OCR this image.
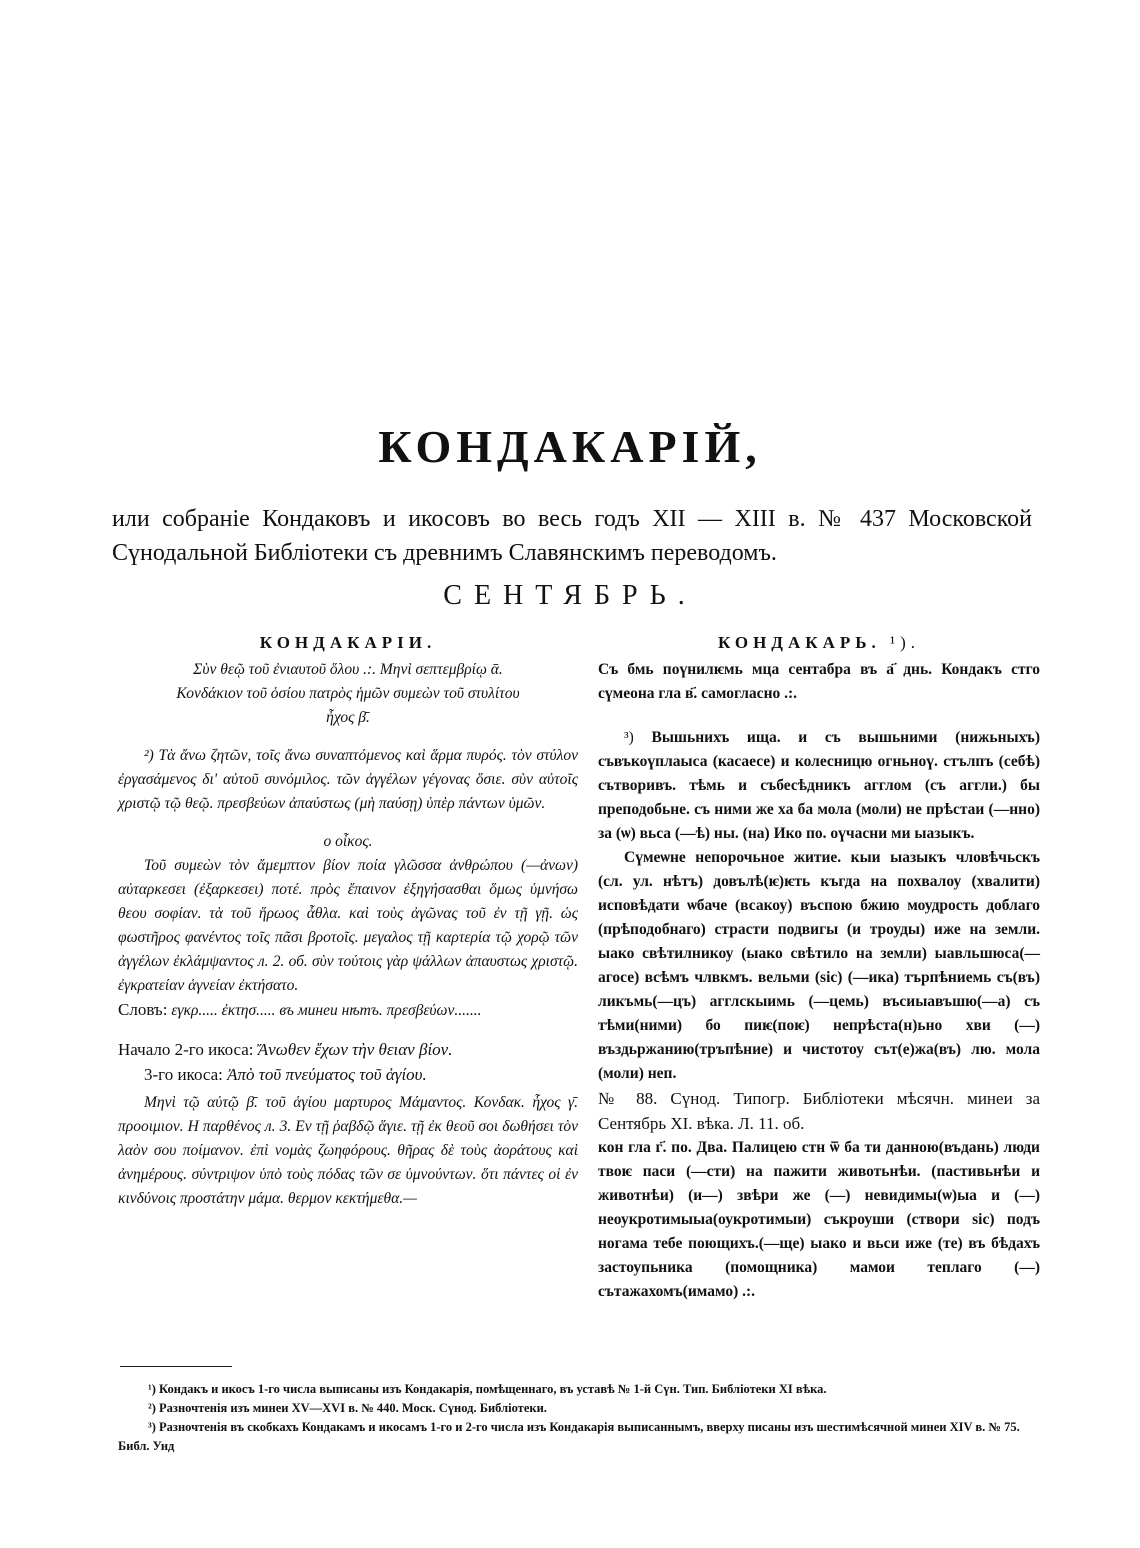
КОНДАКАРІЙ,
или собраніе Кондаковъ и икосовъ во весь годъ XII — XIII в. № 437 Московской Сүнодальной Библіотеки съ древнимъ Славянскимъ переводомъ.
СЕНТЯБРЬ.
КОНДАКАРІИ.

Σὺν θεῷ τοῦ ἐνιαυτοῦ ὅλου .:. Μηνὶ σεπτεμβρίῳ ᾱ.

Κονδάκιον τοῦ ὁσίου πατρὸς ἡμῶν συμεὼν τοῦ στυλίτου

ἦχος β̄.

²) Τὰ ἄνω ζητῶν, τοῖς ἄνω συναπτόμενος καὶ ἅρμα πυρός. τὸν στύλον ἐργασάμενος δι' αὐτοῦ συνόμιλος. τῶν ἀγγέλων γέγονας ὅσιε. σὺν αὐτοῖς χριστῷ τῷ θεῷ. πρεσβεύων ἀπαύστως (μὴ παύσῃ) ὑπὲρ πάντων ὑμῶν.

ο οἶκος.

Τοῦ συμεὼν τὸν ἄμεμπτον βίον ποία γλῶσσα ἀνθρώπου (—ἀνων) αὐταρκεσει (ἐξαρκεσει) ποτέ. πρὸς ἔπαινον ἐξηγήσασθαι ὅμως ὑμνήσω θεου σοφίαν. τὰ τοῦ ἥρωος ἆθλα. καὶ τοὺς ἀγῶνας τοῦ ἐν τῇ γῇ. ὡς φωστῆρος φανέντος τοῖς πᾶσι βροτοῖς. μεγαλος τῇ καρτερία τῷ χορῷ τῶν ἀγγέλων ἐκλάμψαντος л. 2. об. σὺν τούτοις γὰρ ψάλλων ἀπαυστως χριστῷ. ἐγκρατείαν ἁγνείαν ἐκτήσατο.

Словъ: εγκρ..... ἐκτησ..... въ минеи нѣтъ. πρεσβεύων.......

Начало 2-го икоса: Ἄνωθεν ἔχων τὴν θειαν βίον.

3-го икоса: Ἀπὸ τοῦ πνεύματος τοῦ ἁγίου.

Μηνὶ τῷ αὐτῷ β̄. τοῦ ἁγίου μαρτυρος Μάμαντος. Κονδακ. ἦχος γ̄. προοιμιον. Η παρθένος л. 3. Εν τῇ ῥαβδῷ ἅγιε. τῇ ἐκ θεοῦ σοι δωθήσει τὸν λαὸν σου ποίμανον. ἐπὶ νομὰς ζωηφόρους. θῆρας δὲ τοὺς ἀοράτους καὶ ἀνημέρους. σύντριψον ὑπὸ τοὺς πόδας τῶν σε ὑμνούντων. ὅτι πάντες οἱ ἐν κινδύνοις προστάτην μάμα. θερμον κεκτήμεθα.—

КОНДАКАРЬ. ¹).

Съ бмь поүнилѥмь мца сентабра въ а҃ днь. Кондакъ стго сүмеона гла в҃. самогласно .:.

³) Вышьнихъ ища. и съ вышьними (нижьныхъ) съвъкоүплаыса (касаесе) и колесницю огньноү. стълпъ (себѣ) сътворивъ. тѣмь и събесѣдникъ агглом (съ аггли.) бы преподобьне. съ ними же ха ба мола (моли) не прѣстаи (—нно) за (ѡ) вьса (—ѣ) ны. (на) Ико по. оүчасни ми ыазыкъ.

Сүмеѡне непорочьное житие. кыи ыазыкъ чловѣчьскъ (сл. ул. нѣтъ) довълѣ(ѥ)ѥть къгда на похвалоу (хвалити) исповѣдати ѡбаче (всакоу) въспою бжию моудрость доблаго (прѣподобнаго) страсти подвигы (и троуды) иже на земли. ыако свѣтилникоу (ыако свѣтило на земли) ыавльшюса(—агосе) всѣмъ члвкмъ. вельми (sic) (—ика) търпѣниемь съ(въ) ликъмь(—цъ) агглскыимь (—цемь) въсиыавъшю(—а) съ тѣми(ними) бо пиѥ(поѥ) непрѣста(н)ьно хви (—) въздьржанию(тръпѣние) и чистотоу сът(е)жа(въ) лю. мола (моли) неп.

№ 88. Сүнод. Типогр. Библіотеки мѣсячн. минеи за Сентябрь XI. вѣка. Л. 11. об.

кон гла г҃. по. Два. Палицею стн ѿ ба ти данною(въдань) люди твоѥ паси (—сти) на пажити животьнѣи. (пастивьнѣи и животнѣи) (и—) звѣри же (—) невидимы(ѡ)ыа и (—) неоукротимыыа(оукротимыи) съкроуши (створи sic) подъ ногама тебе поющихъ.(—ще) ыако и вьси иже (те) въ бѣдахъ застоупьника (помощника) мамои теплаго (—) сътажахомъ(имамо) .:.

¹) Кондакъ и икосъ 1-го числа выписаны изъ Кондакарія, помѣщеннаго, въ уставѣ № 1-й Сүн. Тип. Библіотеки XI вѣка.

²) Разночтенія изъ минеи XV—XVI в. № 440. Моск. Сүнод. Библіотеки.

³) Разночтенія въ скобкахъ Кондакамъ и икосамъ 1-го и 2-го числа изъ Кондакарія выписаннымъ, вверху писаны изъ шестимѣсячной минеи XIV в. № 75. Библ. Унд
